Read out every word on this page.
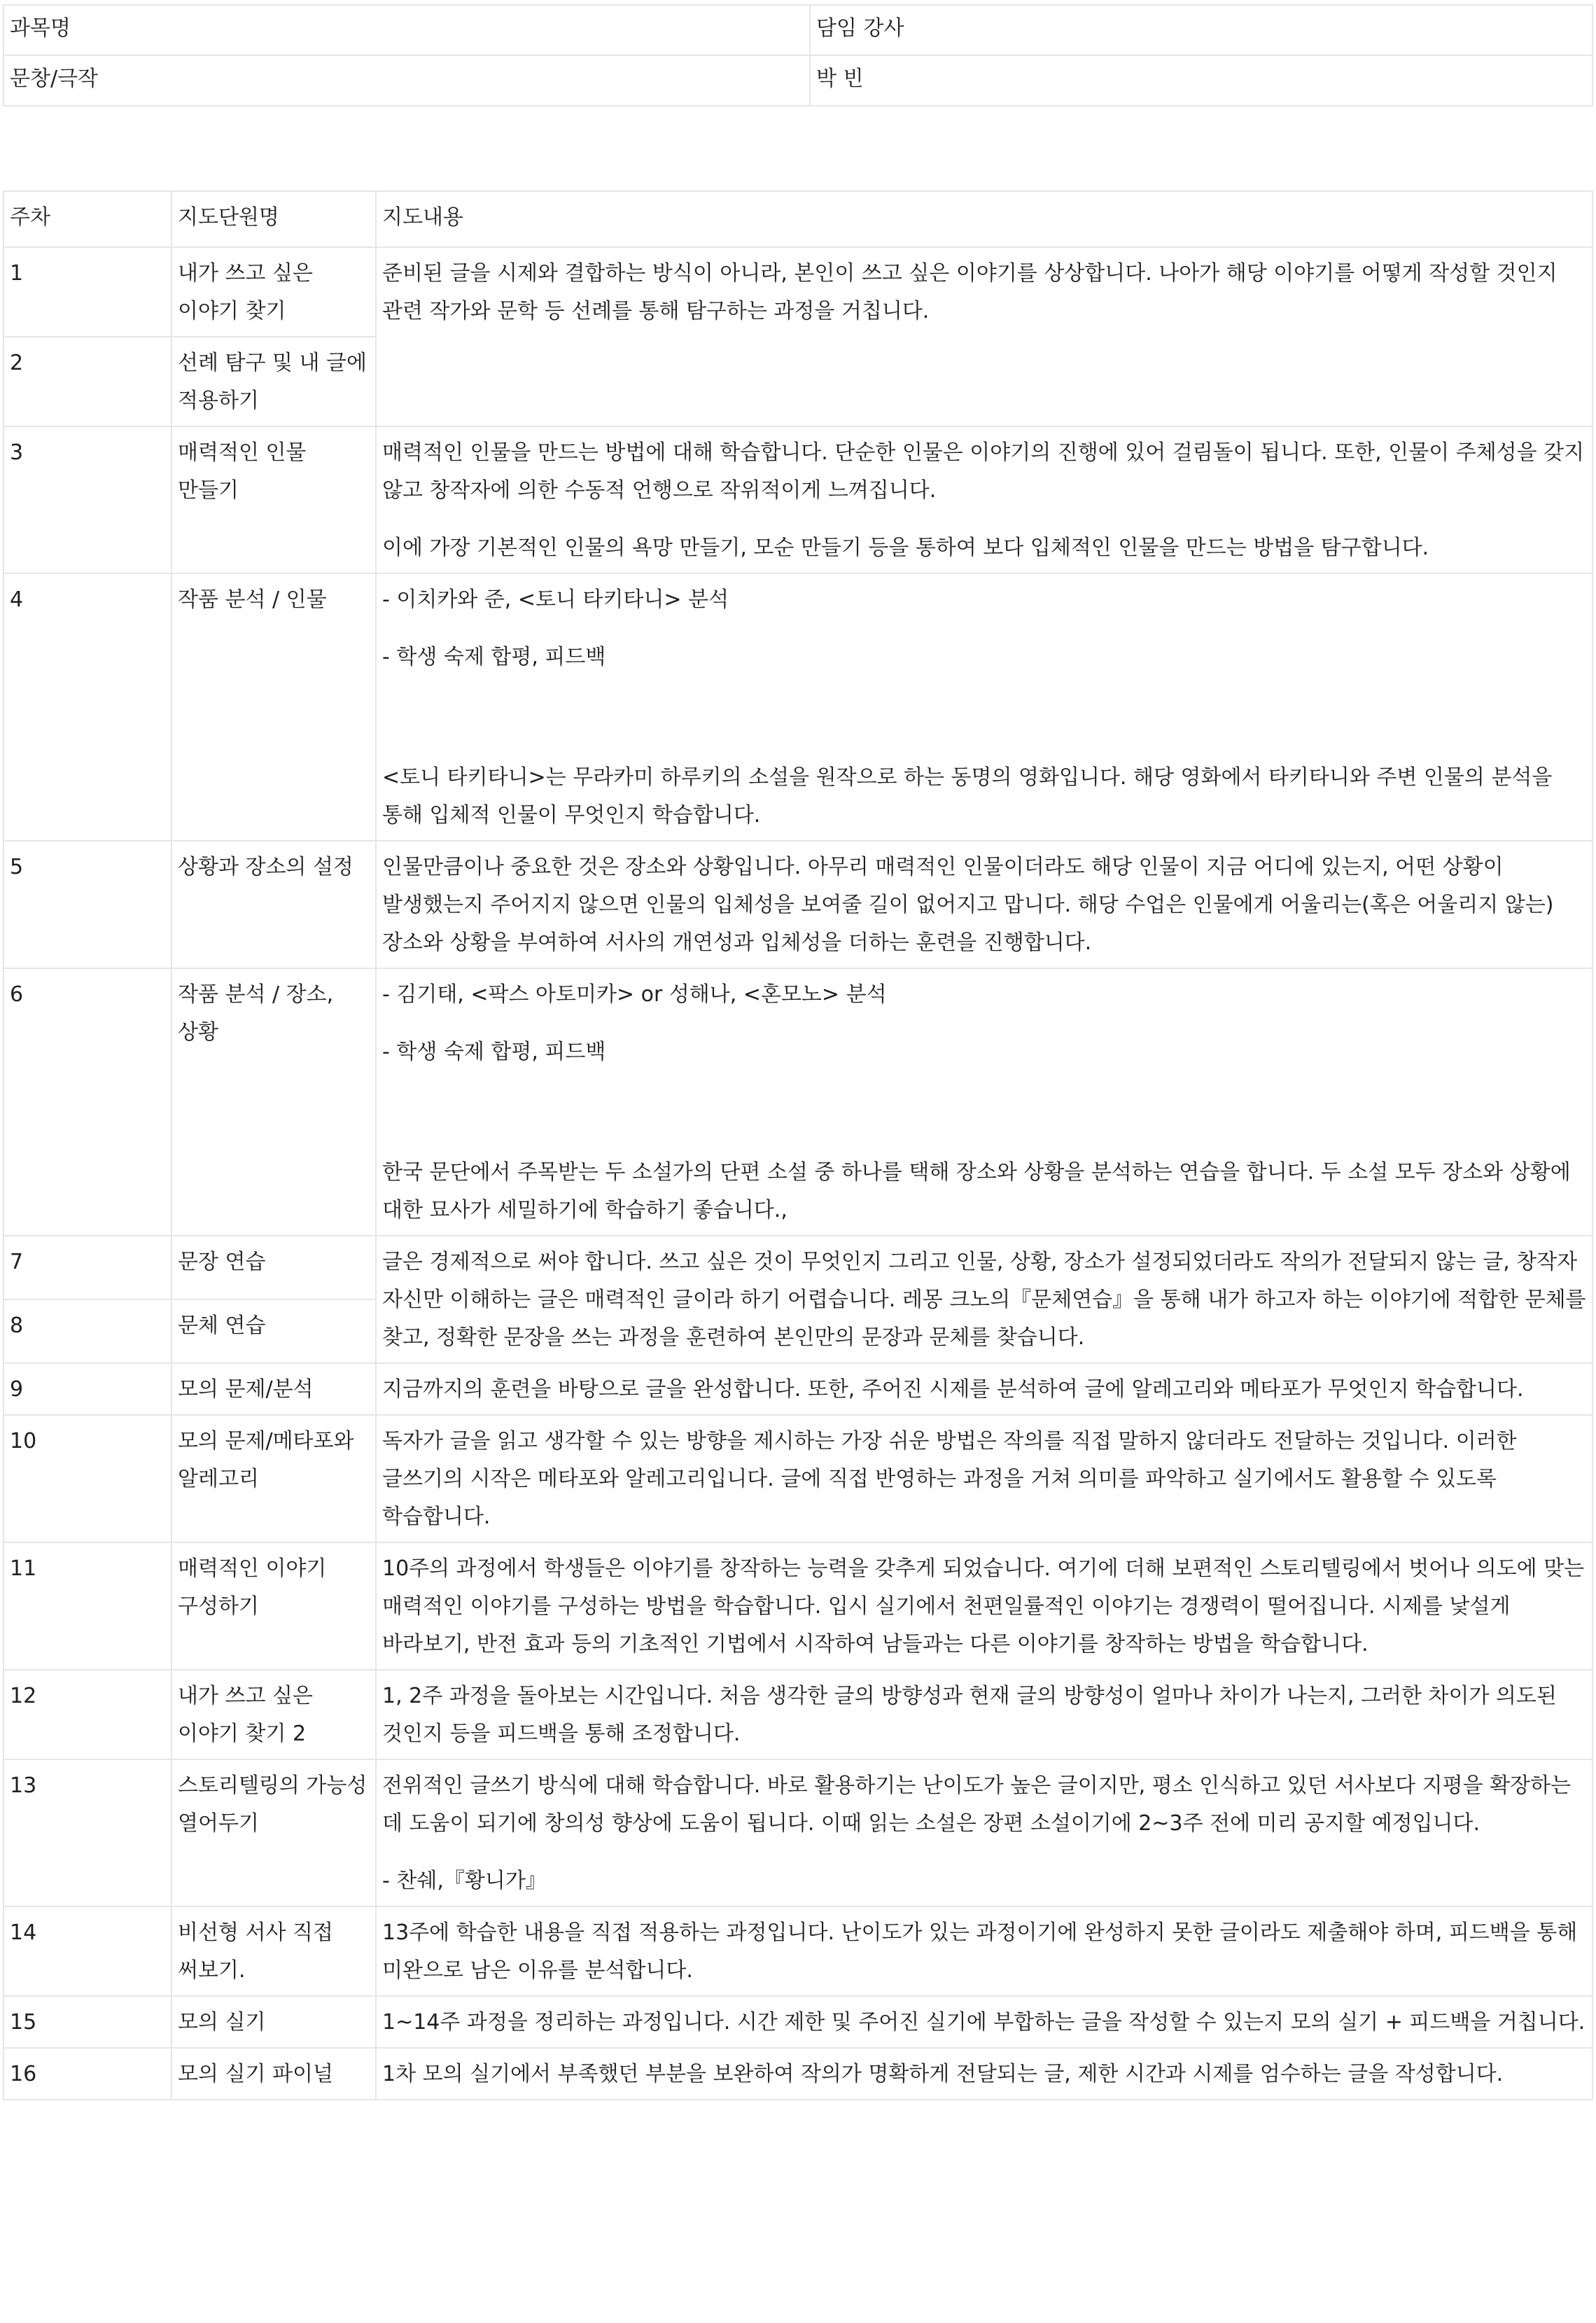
과목명	담임 강사
문창/극작	박 빈
주차	지도단원명	지도내용
1	내가 쓰고 싶은 이야기 찾기	준비된 글을 시제와 결합하는 방식이 아니라, 본인이 쓰고 싶은 이야기를 상상합니다. 나아가 해당 이야기를 어떻게 작성할 것인지 관련 작가와 문학 등 선례를 통해 탐구하는 과정을 거칩니다.

2	선례 탐구 및 내 글에 적용하기	
3	매력적인 인물 만들기	매력적인 인물을 만드는 방법에 대해 학습합니다. 단순한 인물은 이야기의 진행에 있어 걸림돌이 됩니다. 또한, 인물이 주체성을 갖지 않고 창작자에 의한 수동적 언행으로 작위적이게 느껴집니다.

이에 가장 기본적인 인물의 욕망 만들기, 모순 만들기 등을 통하여 보다 입체적인 인물을 만드는 방법을 탐구합니다.

4	작품 분석 / 인물	- 이치카와 준, <토니 타키타니> 분석

- 학생 숙제 합평, 피드백

<토니 타키타니>는 무라카미 하루키의 소설을 원작으로 하는 동명의 영화입니다. 해당 영화에서 타키타니와 주변 인물의 분석을 통해 입체적 인물이 무엇인지 학습합니다.

5	상황과 장소의 설정	인물만큼이나 중요한 것은 장소와 상황입니다. 아무리 매력적인 인물이더라도 해당 인물이 지금 어디에 있는지, 어떤 상황이 발생했는지 주어지지 않으면 인물의 입체성을 보여줄 길이 없어지고 맙니다. 해당 수업은 인물에게 어울리는(혹은 어울리지 않는) 장소와 상황을 부여하여 서사의 개연성과 입체성을 더하는 훈련을 진행합니다.

6	작품 분석 / 장소, 상황	- 김기태, <팍스 아토미카> or 성해나, <혼모노> 분석

- 학생 숙제 합평, 피드백

한국 문단에서 주목받는 두 소설가의 단편 소설 중 하나를 택해 장소와 상황을 분석하는 연습을 합니다. 두 소설 모두 장소와 상황에 대한 묘사가 세밀하기에 학습하기 좋습니다.,

7	문장 연습	글은 경제적으로 써야 합니다. 쓰고 싶은 것이 무엇인지 그리고 인물, 상황, 장소가 설정되었더라도 작의가 전달되지 않는 글, 창작자 자신만 이해하는 글은 매력적인 글이라 하기 어렵습니다. 레몽 크노의『문체연습』을 통해 내가 하고자 하는 이야기에 적합한 문체를 찾고, 정확한 문장을 쓰는 과정을 훈련하여 본인만의 문장과 문체를 찾습니다.

8	문체 연습	
9	모의 문제/분석	지금까지의 훈련을 바탕으로 글을 완성합니다. 또한, 주어진 시제를 분석하여 글에 알레고리와 메타포가 무엇인지 학습합니다.

10	모의 문제/메타포와 알레고리	독자가 글을 읽고 생각할 수 있는 방향을 제시하는 가장 쉬운 방법은 작의를 직접 말하지 않더라도 전달하는 것입니다. 이러한 글쓰기의 시작은 메타포와 알레고리입니다. 글에 직접 반영하는 과정을 거쳐 의미를 파악하고 실기에서도 활용할 수 있도록 학습합니다.

11	매력적인 이야기 구성하기	10주의 과정에서 학생들은 이야기를 창작하는 능력을 갖추게 되었습니다. 여기에 더해 보편적인 스토리텔링에서 벗어나 의도에 맞는 매력적인 이야기를 구성하는 방법을 학습합니다. 입시 실기에서 천편일률적인 이야기는 경쟁력이 떨어집니다. 시제를 낯설게 바라보기, 반전 효과 등의 기초적인 기법에서 시작하여 남들과는 다른 이야기를 창작하는 방법을 학습합니다.

12	내가 쓰고 싶은 이야기 찾기 2	1, 2주 과정을 돌아보는 시간입니다. 처음 생각한 글의 방향성과 현재 글의 방향성이 얼마나 차이가 나는지, 그러한 차이가 의도된 것인지 등을 피드백을 통해 조정합니다.

13	스토리텔링의 가능성 열어두기	전위적인 글쓰기 방식에 대해 학습합니다. 바로 활용하기는 난이도가 높은 글이지만, 평소 인식하고 있던 서사보다 지평을 확장하는 데 도움이 되기에 창의성 향상에 도움이 됩니다. 이때 읽는 소설은 장편 소설이기에 2~3주 전에 미리 공지할 예정입니다.

- 찬쉐,『황니가』

14	비선형 서사 직접 써보기.	13주에 학습한 내용을 직접 적용하는 과정입니다. 난이도가 있는 과정이기에 완성하지 못한 글이라도 제출해야 하며, 피드백을 통해 미완으로 남은 이유를 분석합니다.

15	모의 실기	1~14주 과정을 정리하는 과정입니다. 시간 제한 및 주어진 실기에 부합하는 글을 작성할 수 있는지 모의 실기 + 피드백을 거칩니다.

16	모의 실기 파이널	1차 모의 실기에서 부족했던 부분을 보완하여 작의가 명확하게 전달되는 글, 제한 시간과 시제를 엄수하는 글을 작성합니다.
